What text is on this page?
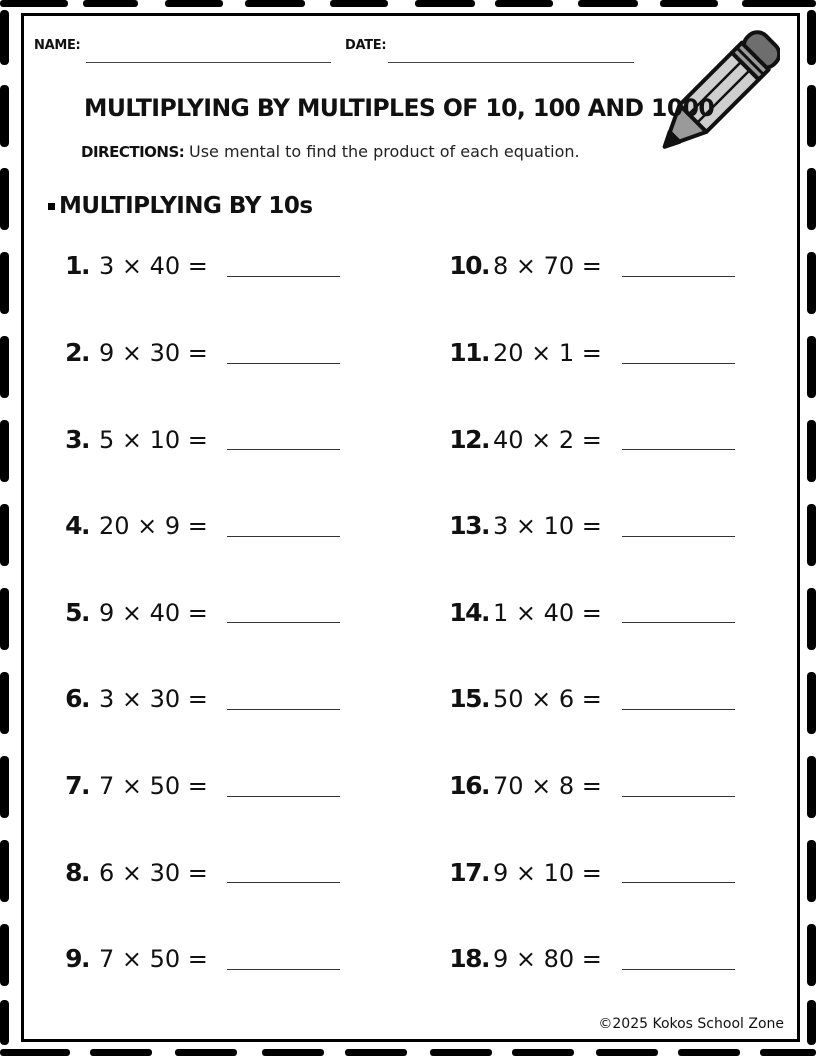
NAME:	DATE:
MULTIPLYING BY MULTIPLES OF 10, 100 AND 1000
DIRECTIONS: Use mental to find the product of each equation.
MULTIPLYING BY 10s
1. 3 × 40 =
2. 9 × 30 =
3. 5 × 10 =
4. 20 × 9 =
5. 9 × 40 =
6. 3 × 30 =
7. 7 × 50 =
8. 6 × 30 =
9. 7 × 50 =
10. 8 × 70 =
11. 20 × 1 =
12. 40 × 2 =
13. 3 × 10 =
14. 1 × 40 =
15. 50 × 6 =
16. 70 × 8 =
17. 9 × 10 =
18. 9 × 80 =
©2025 Kokos School Zone
